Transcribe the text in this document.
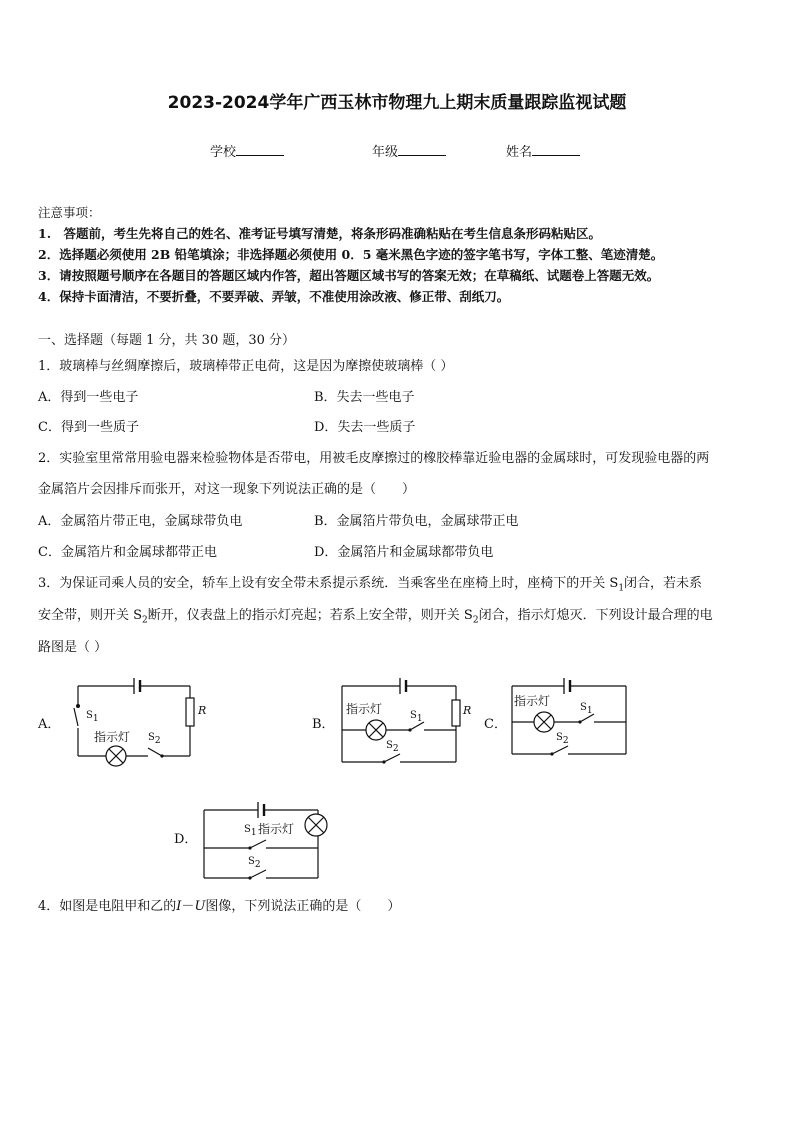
2023-2024学年广西玉林市物理九上期末质量跟踪监视试题
学校	年级	姓名
注意事项：
1.　答题前，考生先将自己的姓名、准考证号填写清楚，将条形码准确粘贴在考生信息条形码粘贴区。
2．选择题必须使用 2B 铅笔填涂；非选择题必须使用 0．5 毫米黑色字迹的签字笔书写，字体工整、笔迹清楚。
3．请按照题号顺序在各题目的答题区域内作答，超出答题区域书写的答案无效；在草稿纸、试题卷上答题无效。
4．保持卡面清洁，不要折叠，不要弄破、弄皱，不准使用涂改液、修正带、刮纸刀。
一、选择题（每题 1 分，共 30 题，30 分）
1．玻璃棒与丝绸摩擦后，玻璃棒带正电荷，这是因为摩擦使玻璃棒（ ）
A．得到一些电子	B．失去一些电子
C．得到一些质子	D．失去一些质子
2．实验室里常常用验电器来检验物体是否带电，用被毛皮摩擦过的橡胶棒靠近验电器的金属球时，可发现验电器的两
金属箔片会因排斥而张开，对这一现象下列说法正确的是（　　）
A．金属箔片带正电，金属球带负电	B．金属箔片带负电，金属球带正电
C．金属箔片和金属球都带正电	D．金属箔片和金属球都带负电
3．为保证司乘人员的安全，轿车上设有安全带未系提示系统．当乘客坐在座椅上时，座椅下的开关 $S_1$闭合，若未系
安全带，则开关 $S_2$断开，仪表盘上的指示灯亮起；若系上安全带，则开关 $S_2$闭合，指示灯熄灭．下列设计最合理的电
路图是（ ）
A．
$S_1$
指示灯 $S_2$
R
B．
指示灯	$S_1$
$S_2$
R
C．
指示灯	$S_1$
$S_2$
D．
$S_1$ 指示灯
$S_2$
4．如图是电阻甲和乙的I－U图像，下列说法正确的是（　　）
